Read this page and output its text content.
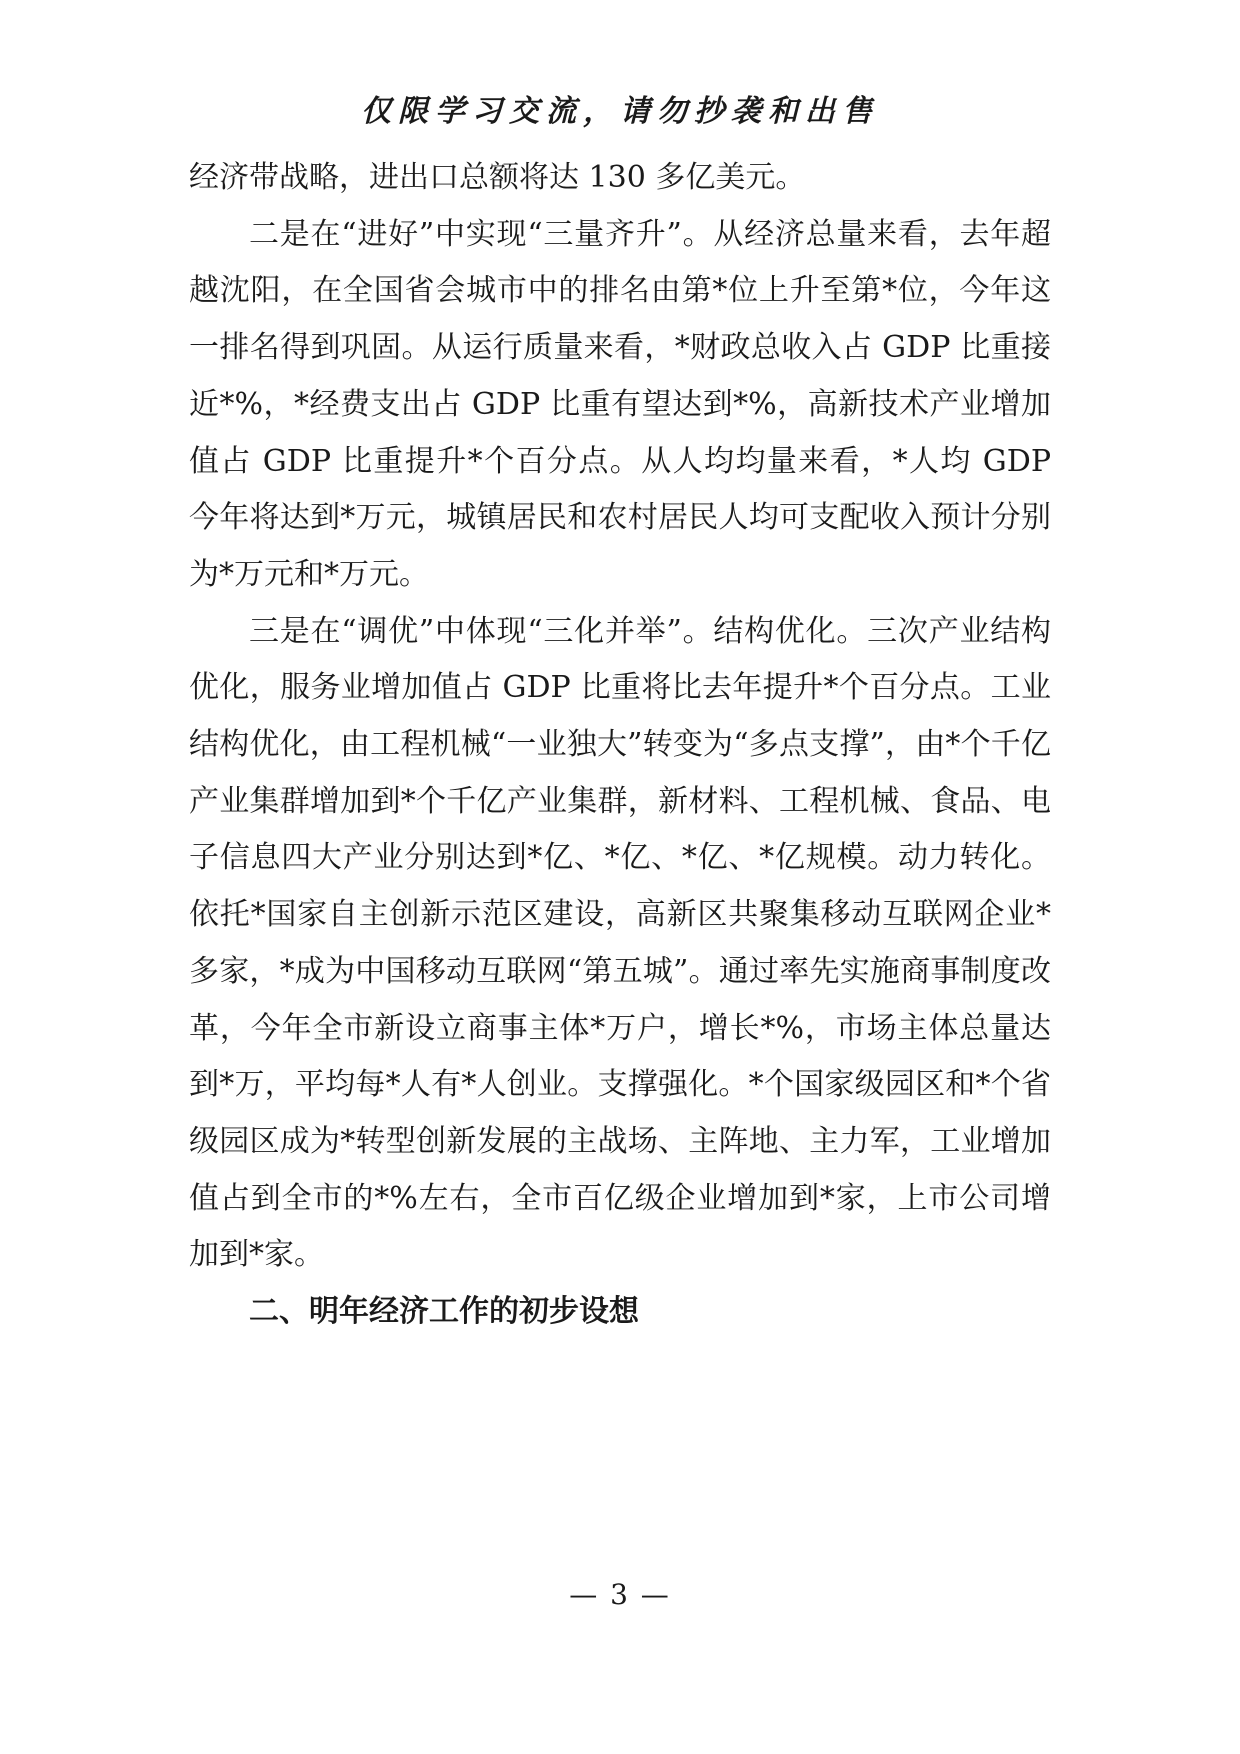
仅限学习交流，请勿抄袭和出售

经济带战略，进出口总额将达 130 多亿美元。

二是在“进好”中实现“三量齐升”。从经济总量来看，去年超越沈阳，在全国省会城市中的排名由第*位上升至第*位，今年这一排名得到巩固。从运行质量来看，*财政总收入占 GDP 比重接近*%，*经费支出占 GDP 比重有望达到*%，高新技术产业增加值占 GDP 比重提升*个百分点。从人均均量来看，*人均 GDP 今年将达到*万元，城镇居民和农村居民人均可支配收入预计分别为*万元和*万元。

三是在“调优”中体现“三化并举”。结构优化。三次产业结构优化，服务业增加值占 GDP 比重将比去年提升*个百分点。工业结构优化，由工程机械“一业独大”转变为“多点支撑”，由*个千亿产业集群增加到*个千亿产业集群，新材料、工程机械、食品、电子信息四大产业分别达到*亿、*亿、*亿、*亿规模。动力转化。依托*国家自主创新示范区建设，高新区共聚集移动互联网企业*多家，*成为中国移动互联网“第五城”。通过率先实施商事制度改革，今年全市新设立商事主体*万户，增长*%，市场主体总量达到*万，平均每*人有*人创业。支撑强化。*个国家级园区和*个省级园区成为*转型创新发展的主战场、主阵地、主力军，工业增加值占到全市的*%左右，全市百亿级企业增加到*家，上市公司增加到*家。

二、明年经济工作的初步设想

— 3 —
